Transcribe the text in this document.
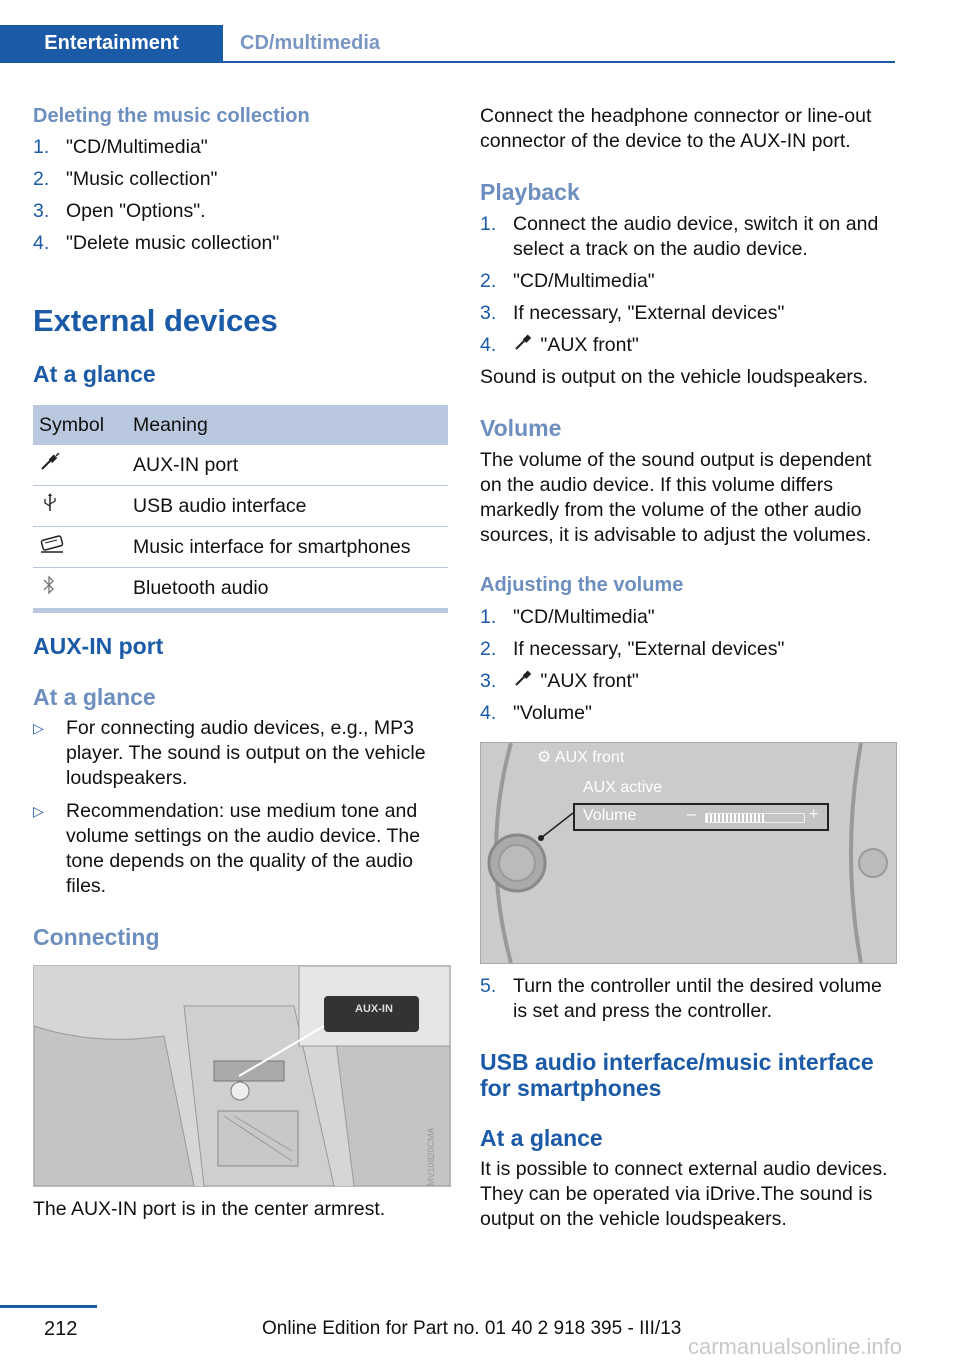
Entertainment	CD/multimedia
Deleting the music collection
1. "CD/Multimedia"
2. "Music collection"
3. Open "Options".
4. "Delete music collection"
External devices
At a glance
Symbol	Meaning
	AUX-IN port
	USB audio interface
	Music interface for smartphones
	Bluetooth audio
AUX-IN port
At a glance
▷ For connecting audio devices, e.g., MP3 player. The sound is output on the vehicle loudspeakers.
▷ Recommendation: use medium tone and volume settings on the audio device. The tone depends on the quality of the audio files.
Connecting
AUX-IN
MV10820CMA
The AUX-IN port is in the center armrest.
Connect the headphone connector or line-out connector of the device to the AUX-IN port.
Playback
1. Connect the audio device, switch it on and select a track on the audio device.
2. "CD/Multimedia"
3. If necessary, "External devices"
4. "AUX front"
Sound is output on the vehicle loudspeakers.
Volume
The volume of the sound output is dependent on the audio device. If this volume differs markedly from the volume of the other audio sources, it is advisable to adjust the volumes.
Adjusting the volume
1. "CD/Multimedia"
2. If necessary, "External devices"
3. "AUX front"
4. "Volume"
⚙ AUX front
AUX active
Volume	–	+
5. Turn the controller until the desired volume is set and press the controller.
USB audio interface/music interface for smartphones
At a glance
It is possible to connect external audio devices. They can be operated via iDrive.The sound is output on the vehicle loudspeakers.
212	Online Edition for Part no. 01 40 2 918 395 - III/13
carmanualsonline.info
